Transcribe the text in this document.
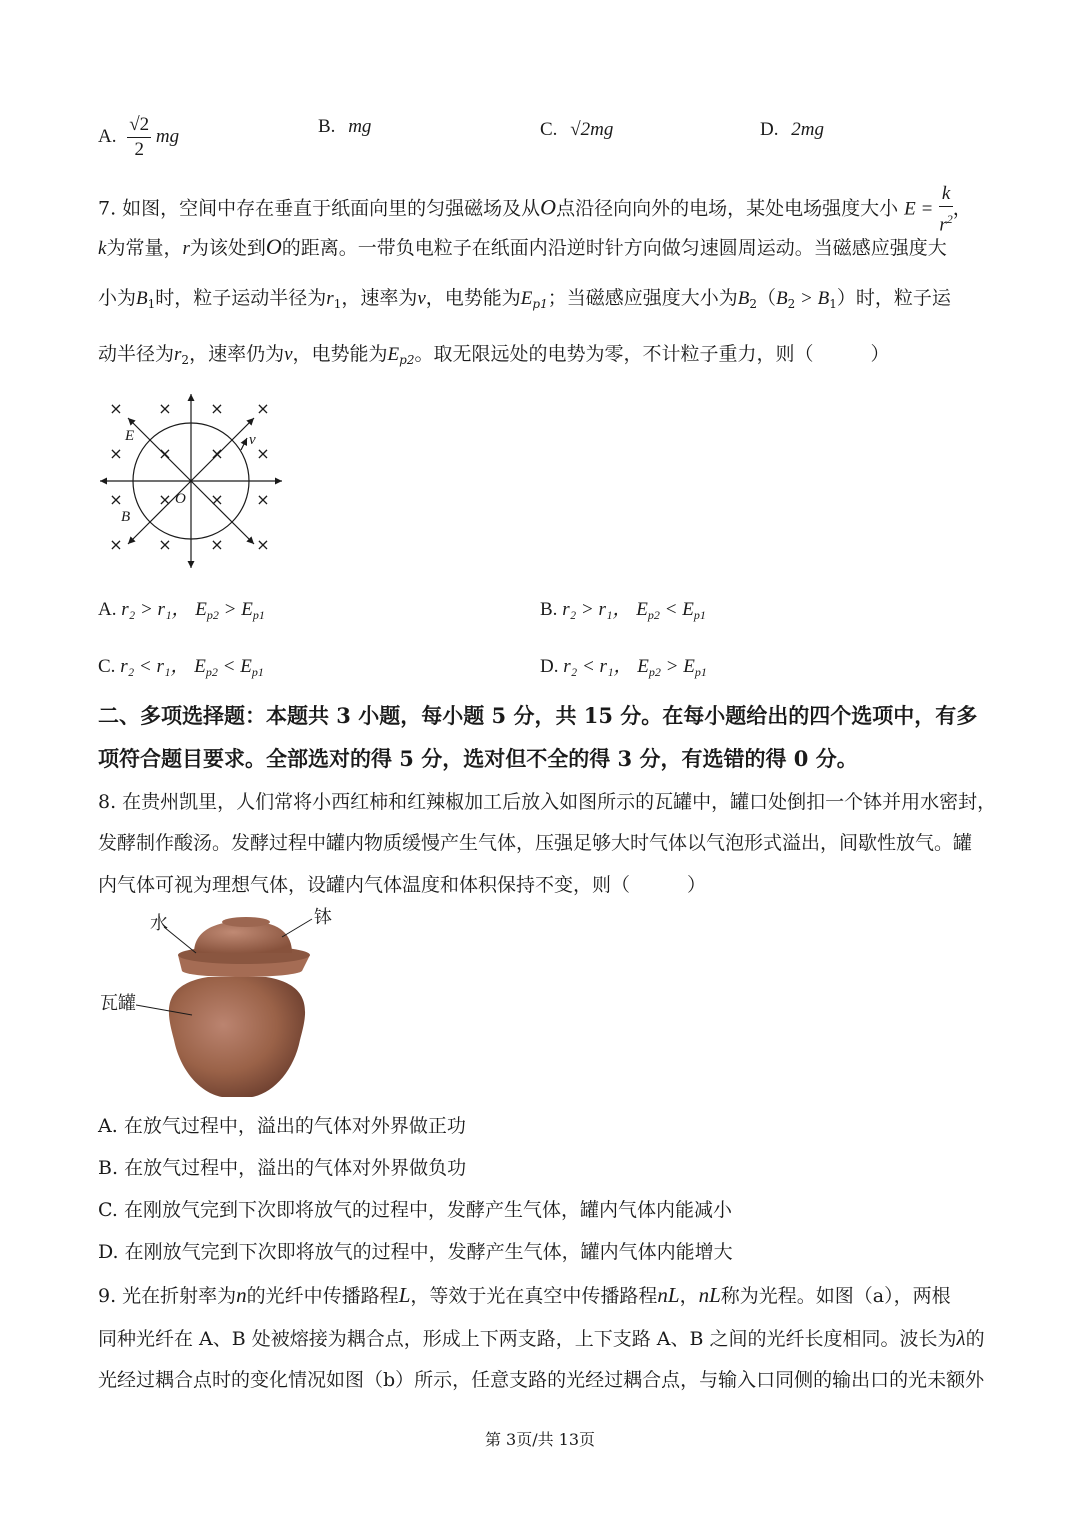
A. $\frac{√2}{2}$ mg	B. mg	C. √2mg	D. 2mg
7. 如图，空间中存在垂直于纸面向里的匀强磁场及从O点沿径向向外的电场，某处电场强度大小 $E = \frac{k}{r^2}$ ，
k为常量，r为该处到O的距离。一带负电粒子在纸面内沿逆时针方向做匀速圆周运动。当磁感应强度大
小为$B_1$时，粒子运动半径为$r_1$，速率为v，电势能为$E_{p1}$；当磁感应强度大小为$B_2(B_2 > B_1)$时，粒子运
动半径为$r_2$，速率仍为v，电势能为$E_{p2}$。取无限远处的电势为零，不计粒子重力，则（　　　）
× × × ×
× × × ×
× × × ×
× × × ×
E	v
O
B
A. r₂ > r₁， $E_{p2} > E_{p1}$	B. r₂ > r₁， $E_{p2} < E_{p1}$
C. r₂ < r₁， $E_{p2} < E_{p1}$	D. r₂ < r₁， $E_{p2} > E_{p1}$
二、多项选择题：本题共 3 小题，每小题 5 分，共 15 分。在每小题给出的四个选项中，有多
项符合题目要求。全部选对的得 5 分，选对但不全的得 3 分，有选错的得 0 分。
8. 在贵州凯里，人们常将小西红柿和红辣椒加工后放入如图所示的瓦罐中，罐口处倒扣一个钵并用水密封，
发酵制作酸汤。发酵过程中罐内物质缓慢产生气体，压强足够大时气体以气泡形式溢出，间歇性放气。罐
内气体可视为理想气体，设罐内气体温度和体积保持不变，则（　　　）
水	钵
瓦罐
A. 在放气过程中，溢出的气体对外界做正功
B. 在放气过程中，溢出的气体对外界做负功
C. 在刚放气完到下次即将放气的过程中，发酵产生气体，罐内气体内能减小
D. 在刚放气完到下次即将放气的过程中，发酵产生气体，罐内气体内能增大
9. 光在折射率为n的光纤中传播路程L，等效于光在真空中传播路程nL，nL称为光程。如图（a），两根
同种光纤在 A、B 处被熔接为耦合点，形成上下两支路，上下支路 A、B 之间的光纤长度相同。波长为λ的
光经过耦合点时的变化情况如图（b）所示，任意支路的光经过耦合点，与输入口同侧的输出口的光未额外
第 3页/共 13页
